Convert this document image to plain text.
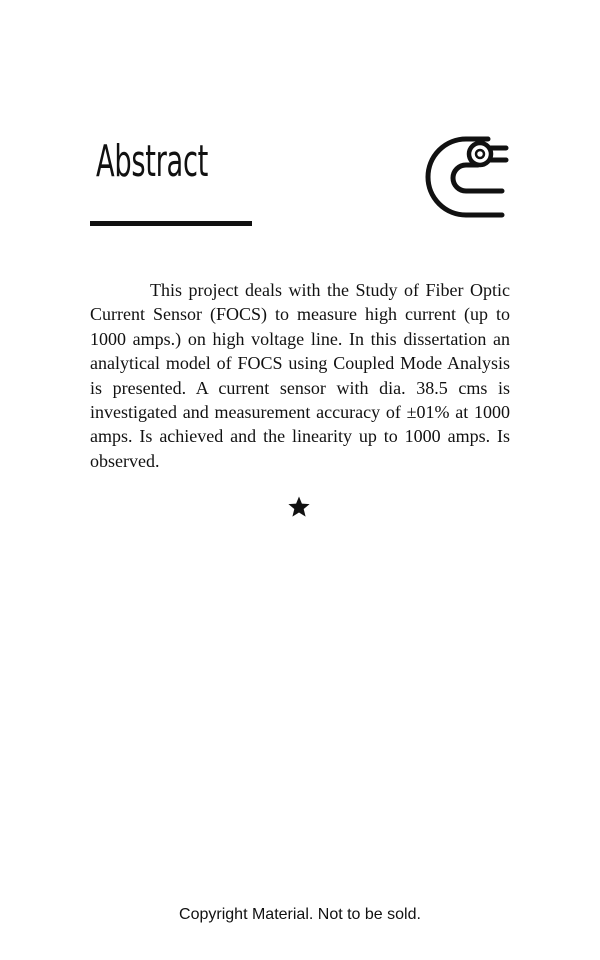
Abstract

This project deals with the Study of Fiber Optic Current Sensor (FOCS) to measure high current (up to 1000 amps.) on high voltage line. In this dissertation an analytical model of FOCS using Coupled Mode Analysis is presented. A current sensor with dia. 38.5 cms is investigated and measurement accuracy of ±01% at 1000 amps. Is achieved and the linearity up to 1000 amps. Is observed.

Copyright Material. Not to be sold.
